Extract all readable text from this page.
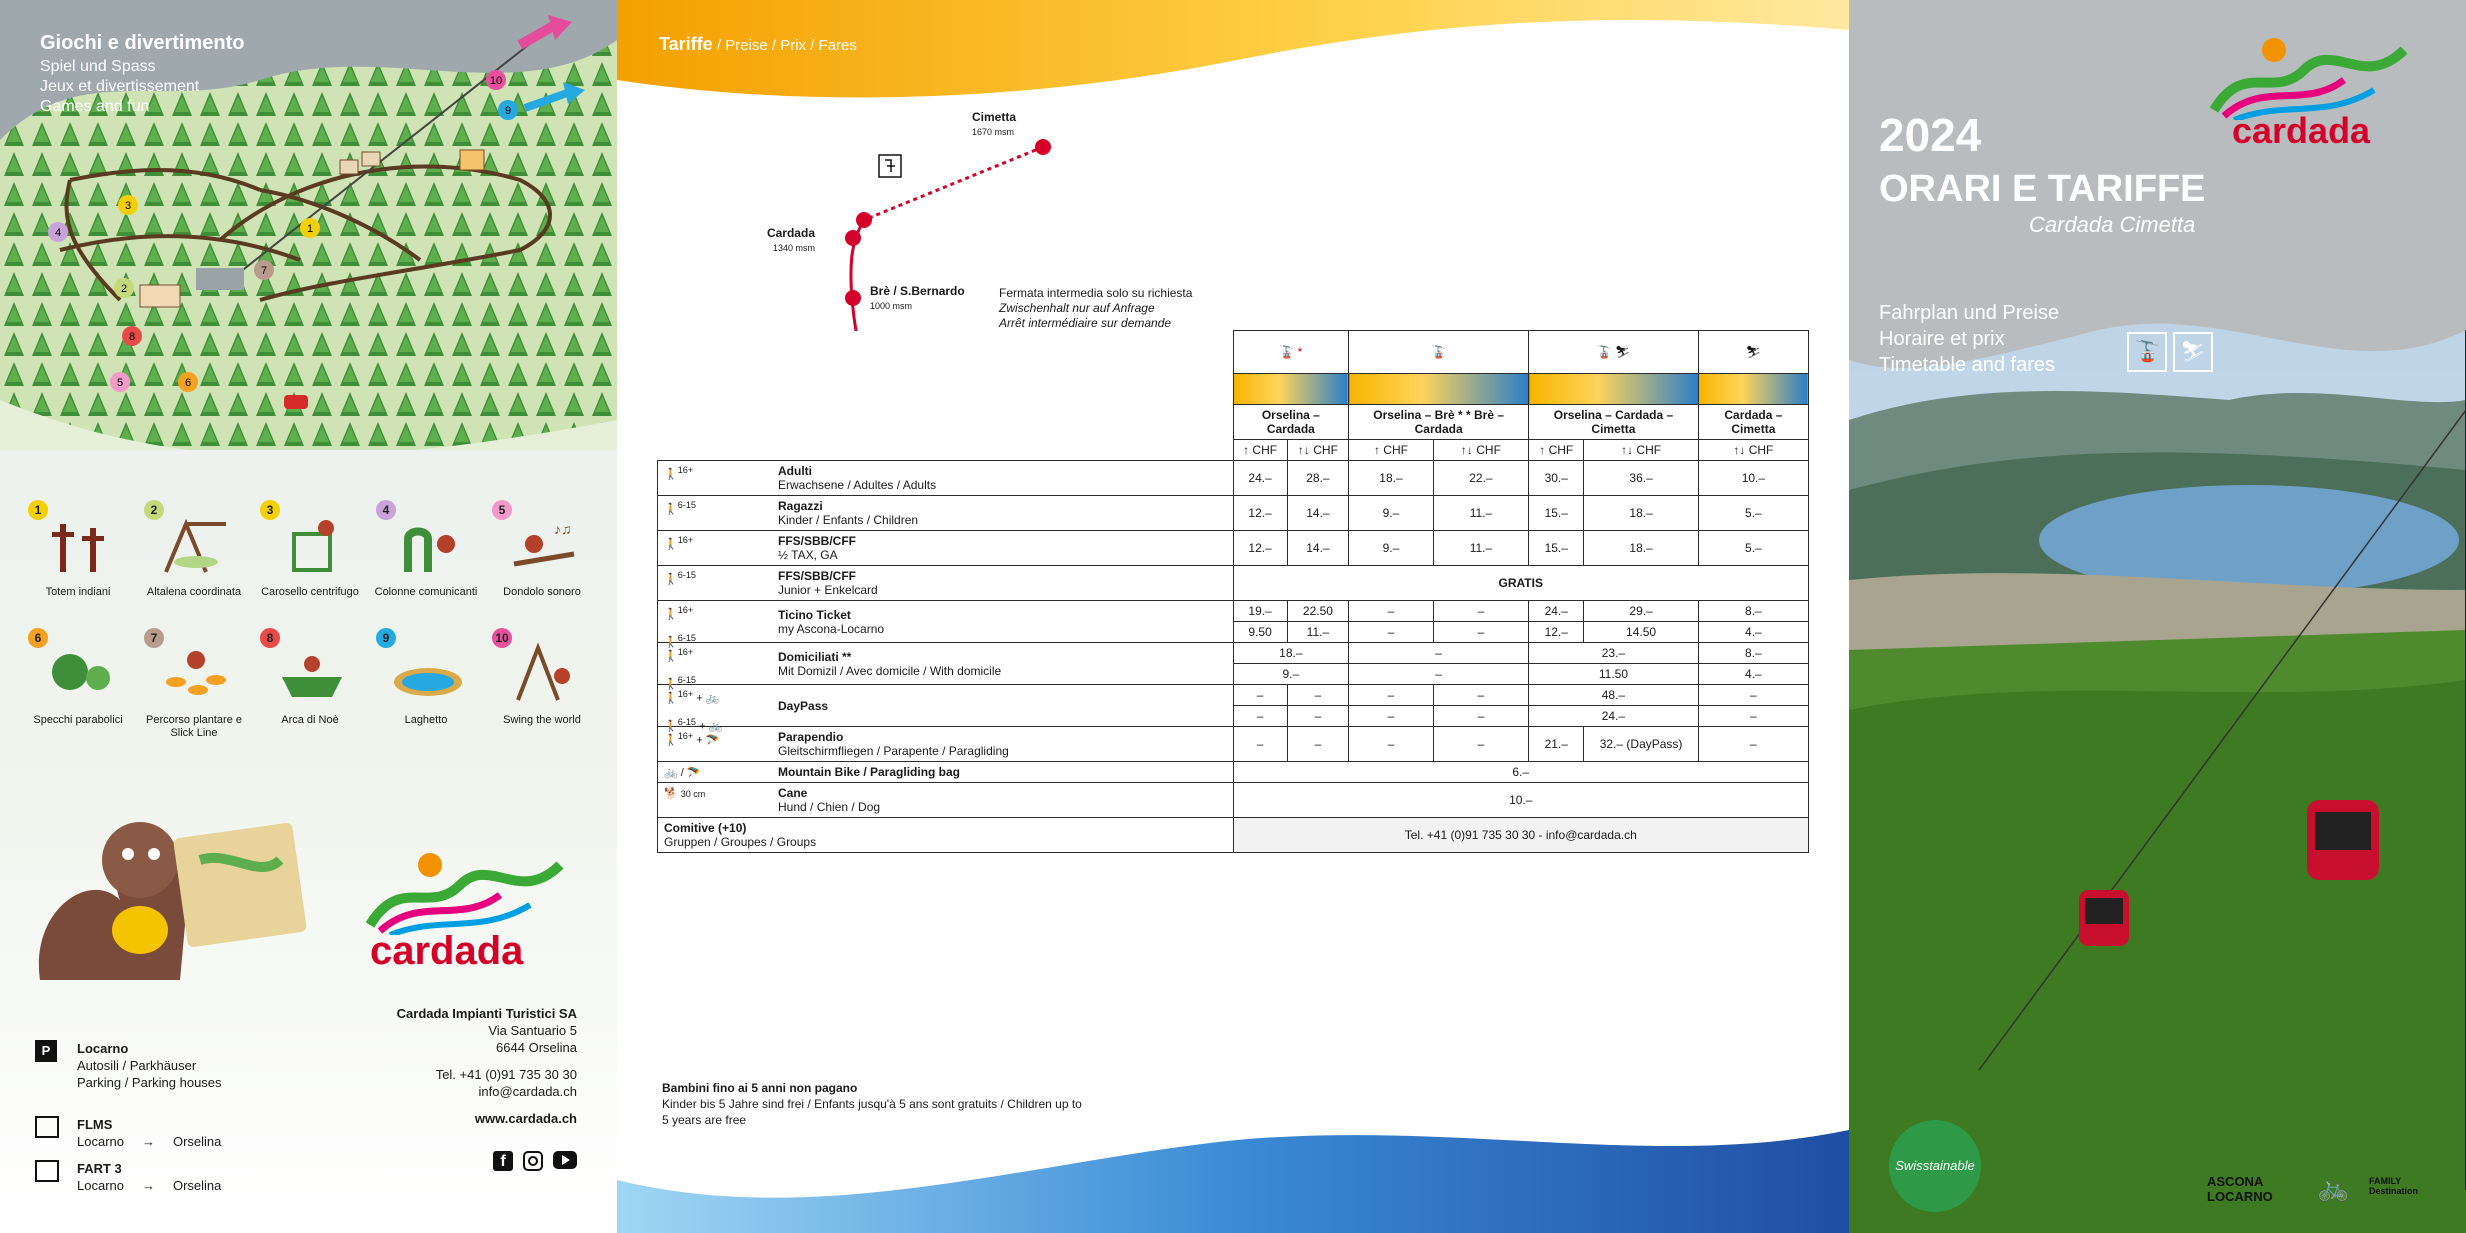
10
9
3
4
2
1
7
8
5	6
Giochi e divertimento
Spiel und Spass
Jeux et divertissement
Games and fun
1
Totem indiani
2
Altalena coordinata
3
Carosello centrifugo
4
Colonne comunicanti
5
♪♫
Dondolo sonoro
6
Specchi parabolici
7
Percorso plantare e Slick Line
8
Arca di Noè
9
Laghetto
10
Swing the world
cardada
Cardada Impianti Turistici SA
Via Santuario 5
6644 Orselina
Tel. +41 (0)91 735 30 30
info@cardada.ch
www.cardada.ch
f
P	Locarno
Autosili / Parkhäuser
Parking / Parking houses
FLMS
Locarno → Orselina
FART 3
Locarno → Orselina
Tariffe / Preise / Prix / Fares
Cimetta
1670 msm
Cardada
1340 msm
Brè / S.Bernardo
1000 msm

Fermata intermedia solo su richiesta
Zwischenhalt nur auf Anfrage
Arrêt intermédiaire sur demande

	🚡 *		🚡		🚡 ⛷		⛷

	Orselina – Cardada		Orselina – Brè * * Brè – Cardada		Orselina – Cardada – Cimetta		Cardada – Cimetta
	↑ CHF	↑↓ CHF	↑ CHF	↑↓ CHF	↑ CHF	↑↓ CHF	↑↓ CHF

🚶$^{16+}$ Adulti
Erwachsene / Adultes / Adults	24.–	28.–	18.–	22.–	30.–	36.–	10.–

🚶$^{6-15}$ Ragazzi
Kinder / Enfants / Children	12.–	14.–	9.–	11.–	15.–	18.–	5.–

🚶$^{16+}$ FFS/SBB/CFF
½ TAX, GA	12.–	14.–	9.–	11.–	15.–	18.–	5.–

🚶$^{6-15}$ FFS/SBB/CFF
Junior + Enkelcard	GRATIS						

🚶$^{16+}$

🚶$^{6-15}$
Ticino Ticket
my Ascona-Locarno	19.–	22.50	–	–	24.–	29.–	8.–
	9.50	11.–	–	–	12.–	14.50	4.–

🚶$^{16+}$

🚶$^{6-15}$
Domiciliati **
Mit Domizil / Avec domicile / With domicile	18.–		–		23.–		8.–
	9.–		–		11.50		4.–

🚶$^{16+}$ + 🚲

🚶$^{6-15}$ + 🚲
DayPass	–	–	–	–	48.–		–
	–	–	–	–	24.–		–

🚶$^{16+}$ + 🪂 Parapendio
Gleitschirmfliegen / Parapente / Paragliding	–	–	–	–	21.–	32.– (DayPass)	–

🚲 / 🪂 Mountain Bike / Paragliding bag	6.–						

🐕 30 cm Cane
Hund / Chien / Dog	10.–						
Comitive (+10)
Gruppen / Groupes / Groups	Tel. +41 (0)91 735 30 30 - info@cardada.ch						
Bambini fino ai 5 anni non pagano
Kinder bis 5 Jahre sind frei / Enfants jusqu'à 5 ans sont gratuits / Children up to 5 years are free
cardada
2024
ORARI E TARIFFE
Cardada Cimetta
Fahrplan und Preise
Horaire et prix
Timetable and fares
🚡	⛷
Swisstainable
ASCONA LOCARNO	🚲 FAMILY Destination
